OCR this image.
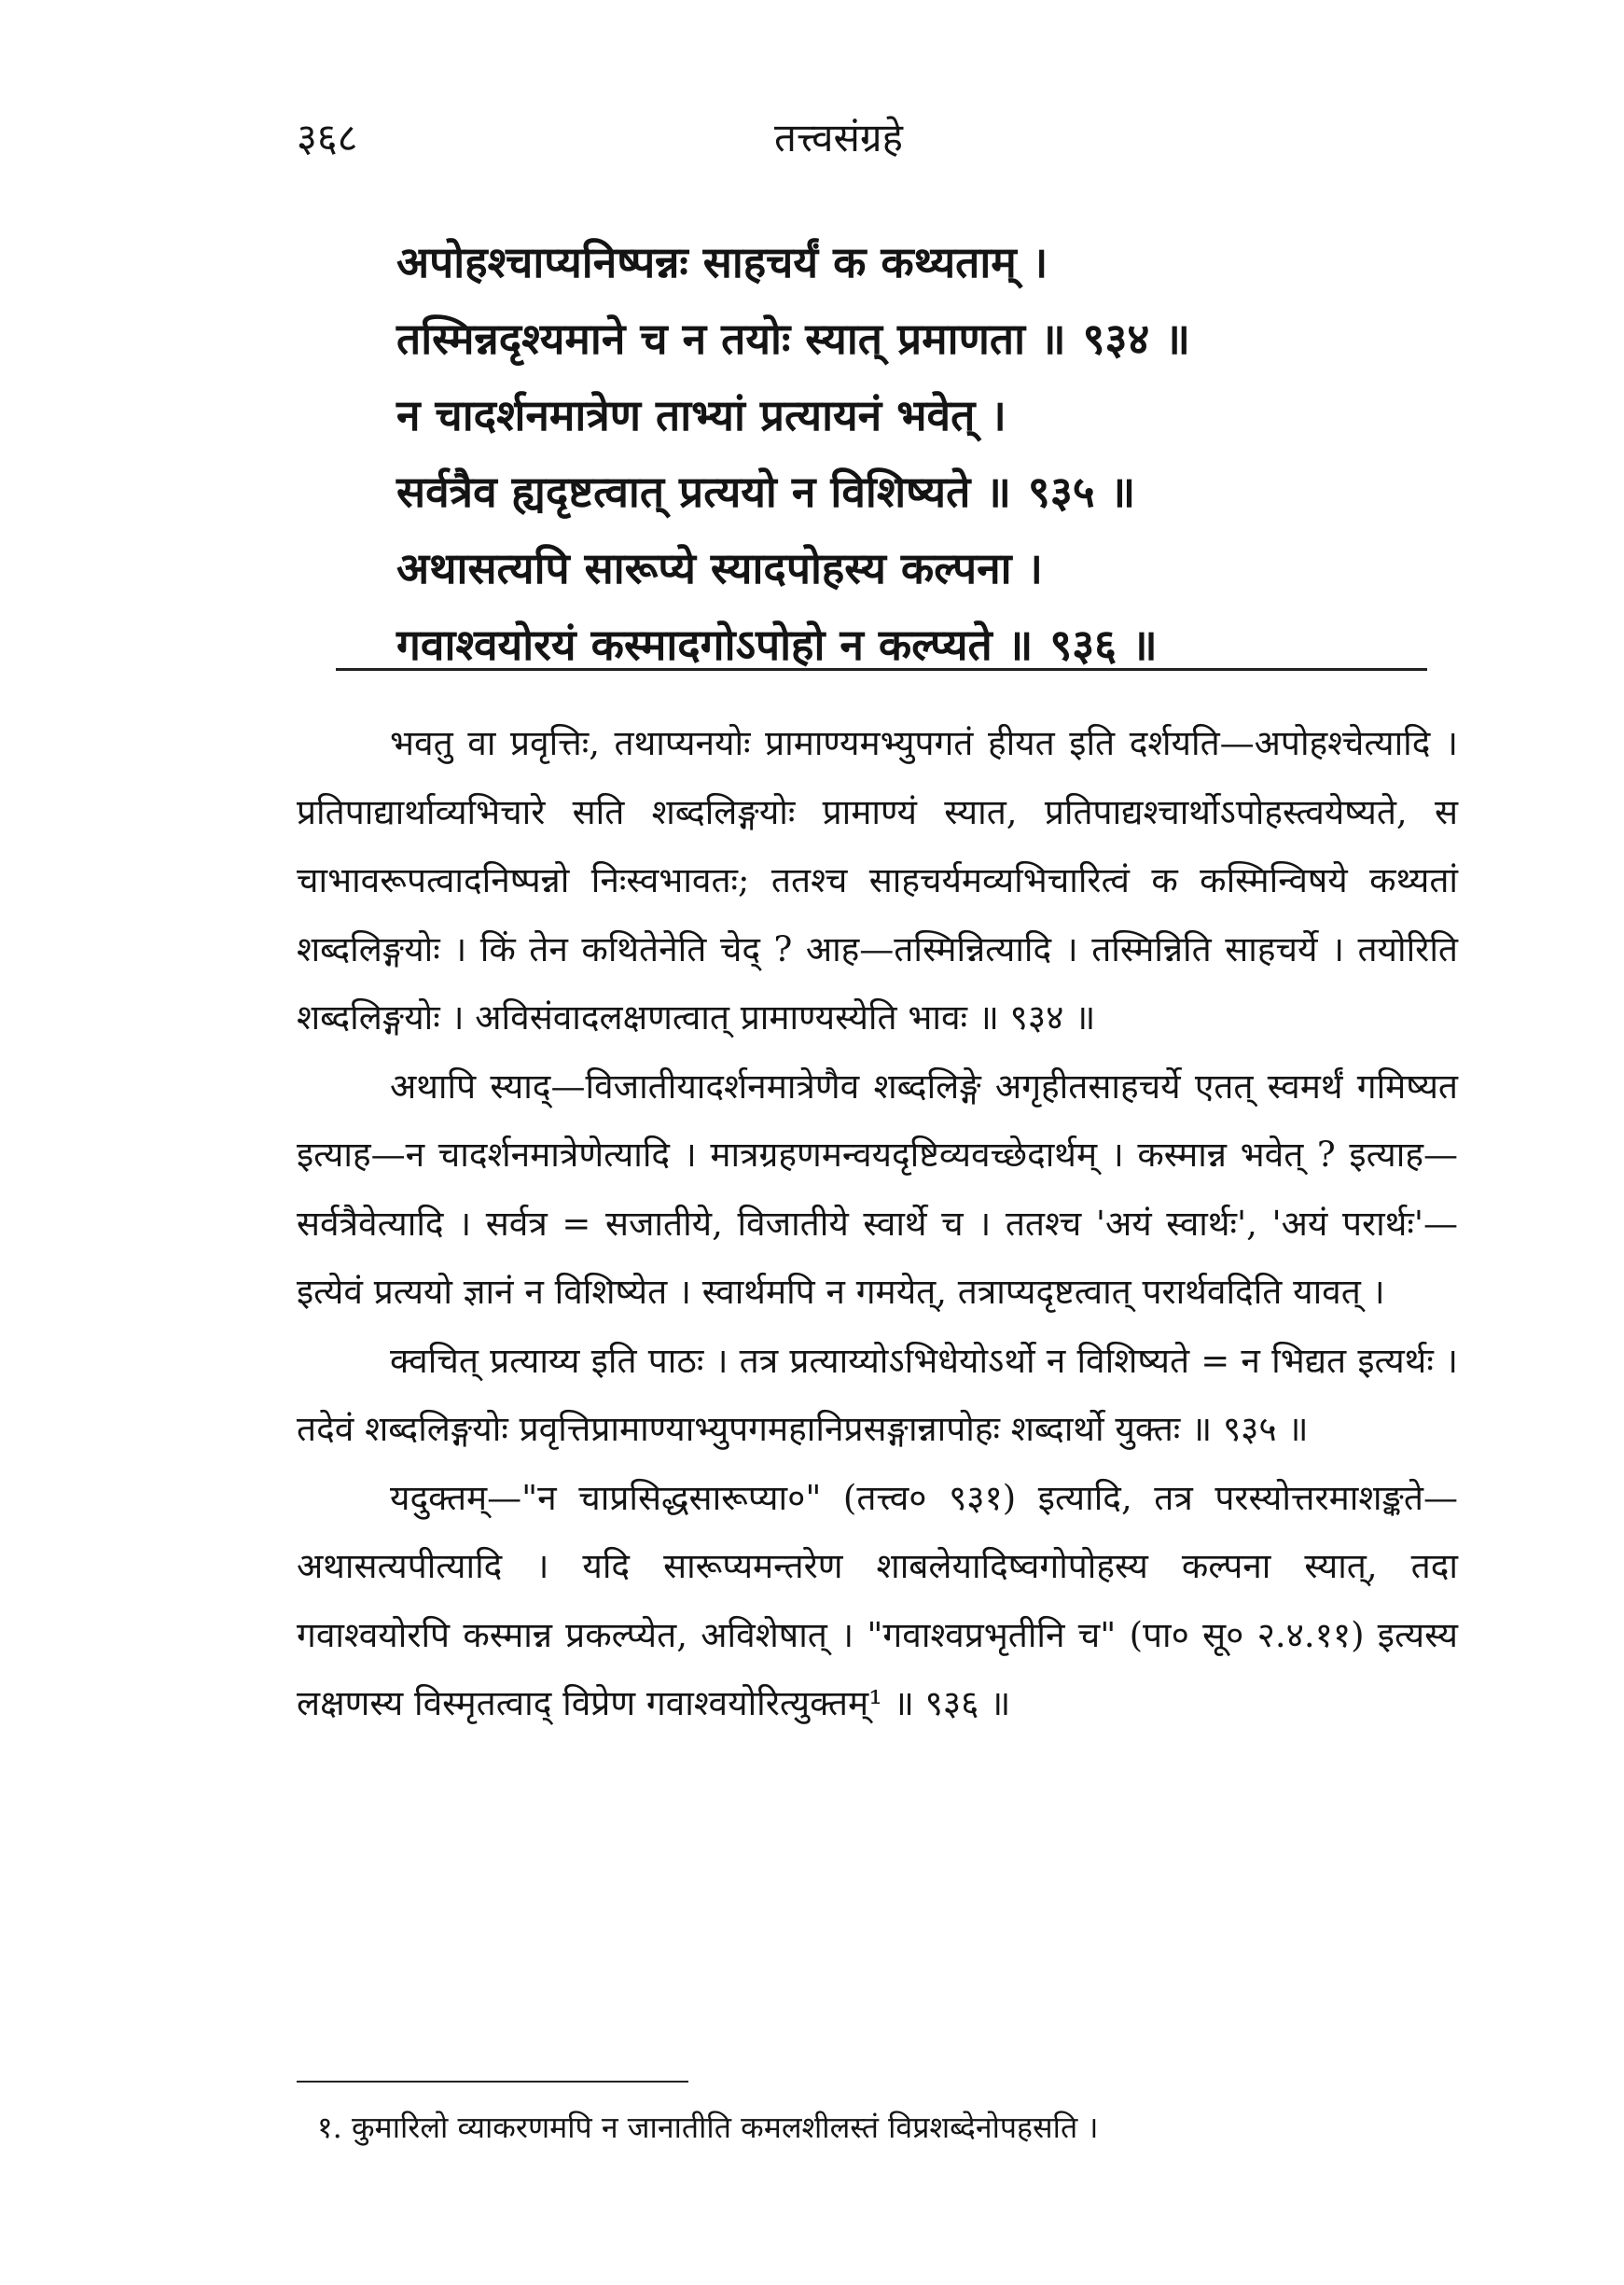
३६८	तत्त्वसंग्रहे
अपोहश्चाप्यनिष्पन्नः साहचर्यं क कथ्यताम् ।
तस्मिन्नदृश्यमाने च न तयोः स्यात् प्रमाणता ॥ ९३४ ॥
न चादर्शनमात्रेण ताभ्यां प्रत्यायनं भवेत् ।
सर्वत्रैव ह्यदृष्टत्वात् प्रत्ययो न विशिष्यते ॥ ९३५ ॥
अथासत्यपि सारूप्ये स्यादपोहस्य कल्पना ।
गवाश्वयोरयं कस्मादगोऽपोहो न कल्प्यते ॥ ९३६ ॥

भवतु वा प्रवृत्तिः, तथाप्यनयोः प्रामाण्यमभ्युपगतं हीयत इति दर्शयति—अपोहश्चेत्यादि । प्रतिपाद्यार्थाव्यभिचारे सति शब्दलिङ्गयोः प्रामाण्यं स्यात, प्रतिपाद्यश्चार्थोऽपोहस्त्वयेष्यते, स चाभावरूपत्वादनिष्पन्नो निःस्वभावतः; ततश्च साहचर्यमव्यभिचारित्वं क कस्मिन्विषये कथ्यतां शब्दलिङ्गयोः । किं तेन कथितेनेति चेद् ? आह—तस्मिन्नित्यादि । तस्मिन्निति साहचर्ये । तयोरिति शब्दलिङ्गयोः । अविसंवादलक्षणत्वात् प्रामाण्यस्येति भावः ॥ ९३४ ॥

अथापि स्याद्—विजातीयादर्शनमात्रेणैव शब्दलिङ्गे अगृहीतसाहचर्ये एतत् स्वमर्थं गमिष्यत इत्याह—न चादर्शनमात्रेणेत्यादि । मात्रग्रहणमन्वयदृष्टिव्यवच्छेदार्थम् । कस्मान्न भवेत् ? इत्याह—सर्वत्रैवेत्यादि । सर्वत्र = सजातीये, विजातीये स्वार्थे च । ततश्च 'अयं स्वार्थः', 'अयं परार्थः'—इत्येवं प्रत्ययो ज्ञानं न विशिष्येत । स्वार्थमपि न गमयेत्, तत्राप्यदृष्टत्वात् परार्थवदिति यावत् ।

क्वचित् प्रत्याय्य इति पाठः । तत्र प्रत्याय्योऽभिधेयोऽर्थो न विशिष्यते = न भिद्यत इत्यर्थः । तदेवं शब्दलिङ्गयोः प्रवृत्तिप्रामाण्याभ्युपगमहानिप्रसङ्गान्नापोहः शब्दार्थो युक्तः ॥ ९३५ ॥

यदुक्तम्—"न चाप्रसिद्धसारूप्या०" (तत्त्व० ९३१) इत्यादि, तत्र परस्योत्तरमाशङ्कते—अथासत्यपीत्यादि । यदि सारूप्यमन्तरेण शाबलेयादिष्वगोपोहस्य कल्पना स्यात्, तदा गवाश्वयोरपि कस्मान्न प्रकल्प्येत, अविशेषात् । "गवाश्वप्रभृतीनि च" (पा० सू० २.४.११) इत्यस्य लक्षणस्य विस्मृतत्वाद् विप्रेण गवाश्वयोरित्युक्तम्¹ ॥ ९३६ ॥

१. कुमारिलो व्याकरणमपि न जानातीति कमलशीलस्तं विप्रशब्देनोपहसति ।
